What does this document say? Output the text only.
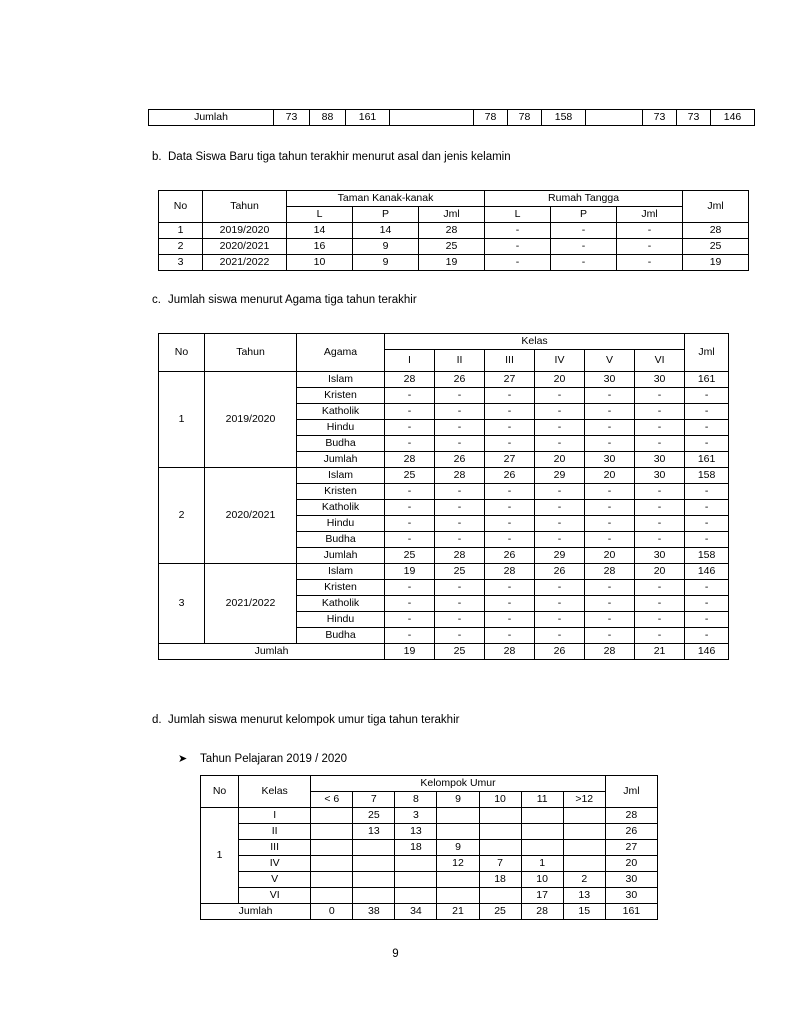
Jumlah	73	88	161		78	78	158		73	73	146
b. Data Siswa Baru tiga tahun terakhir menurut asal dan jenis kelamin
No	Tahun	Taman Kanak-kanak			Rumah Tangga			Jml
		L	P	Jml	L	P	Jml	
1	2019/2020	14	14	28	-	-	-	28
2	2020/2021	16	9	25	-	-	-	25
3	2021/2022	10	9	19	-	-	-	19
c. Jumlah siswa menurut Agama tiga tahun terakhir
No	Tahun	Agama	Kelas						Jml
			I	II	III	IV	V	VI	
1	2019/2020	Islam	28	26	27	20	30	30	161
		Kristen	-	-	-	-	-	-	-
		Katholik	-	-	-	-	-	-	-
		Hindu	-	-	-	-	-	-	-
		Budha	-	-	-	-	-	-	-
		Jumlah	28	26	27	20	30	30	161
2	2020/2021	Islam	25	28	26	29	20	30	158
		Kristen	-	-	-	-	-	-	-
		Katholik	-	-	-	-	-	-	-
		Hindu	-	-	-	-	-	-	-
		Budha	-	-	-	-	-	-	-
		Jumlah	25	28	26	29	20	30	158
3	2021/2022	Islam	19	25	28	26	28	20	146
		Kristen	-	-	-	-	-	-	-
		Katholik	-	-	-	-	-	-	-
		Hindu	-	-	-	-	-	-	-
		Budha	-	-	-	-	-	-	-
Jumlah			19	25	28	26	28	21	146
d. Jumlah siswa menurut kelompok umur tiga tahun terakhir
➤ Tahun Pelajaran 2019 / 2020
No	Kelas	Kelompok Umur							Jml
		< 6	7	8	9	10	11	>12	
1	I		25	3					28
	II		13	13					26
	III			18	9				27
	IV				12	7	1		20
	V					18	10	2	30
	VI						17	13	30
Jumlah		0	38	34	21	25	28	15	161
9
